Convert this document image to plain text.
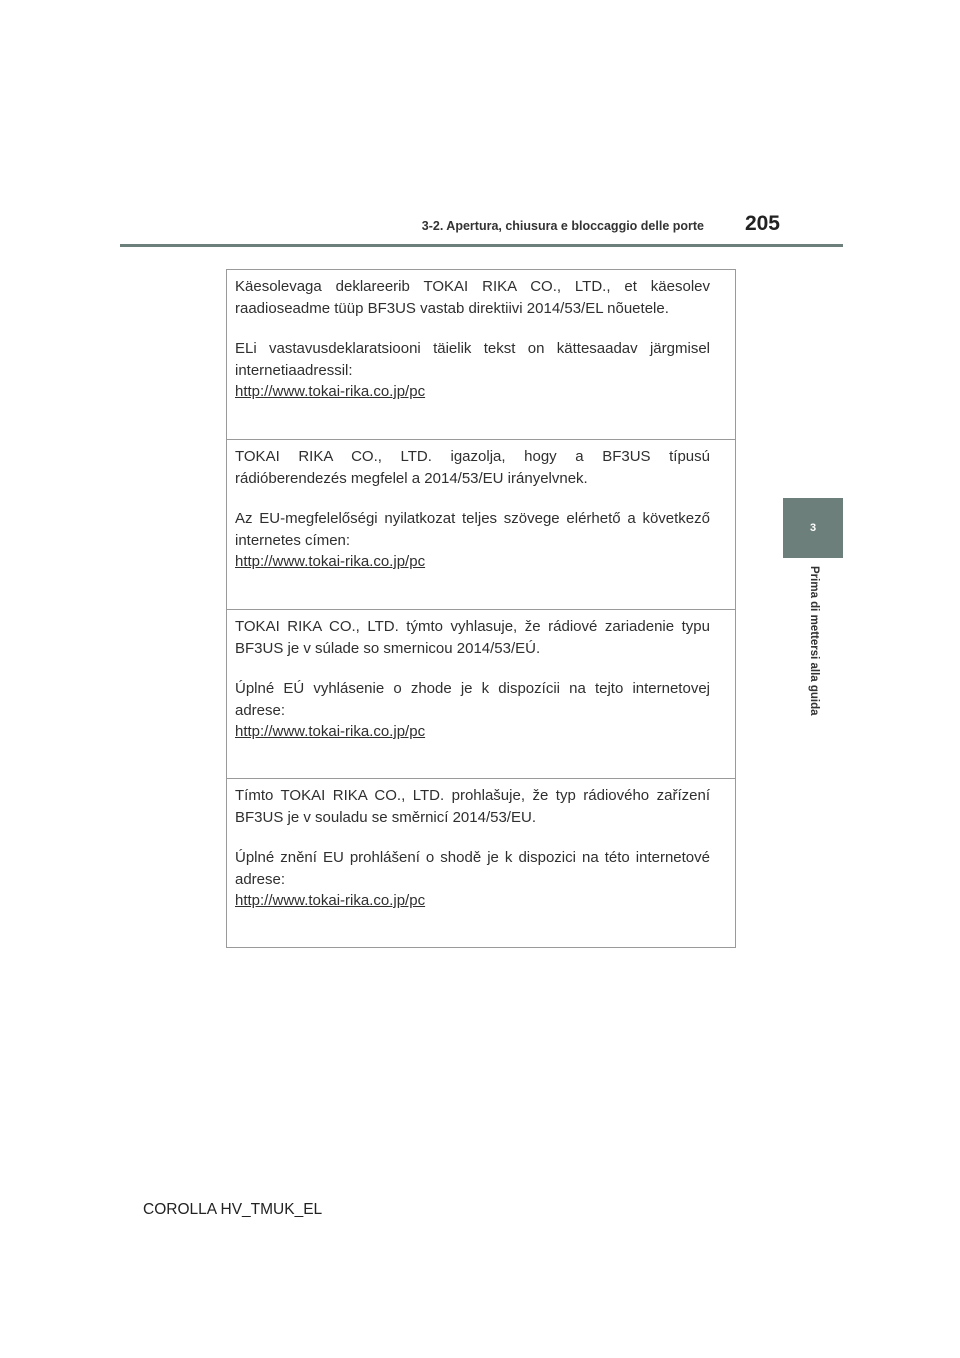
3-2. Apertura, chiusura e bloccaggio delle porte	205
3
Prima di mettersi alla guida

Käesolevaga deklareerib TOKAI RIKA CO., LTD., et käesolev raadioseadme tüüp BF3US vastab direktiivi 2014/53/EL nõuetele.

ELi vastavusdeklaratsiooni täielik tekst on kättesaadav järgmisel internetiaadressil:

http://www.tokai-rika.co.jp/pc

TOKAI RIKA CO., LTD. igazolja, hogy a BF3US típusú rádióberendezés megfelel a 2014/53/EU irányelvnek.

Az EU-megfelelőségi nyilatkozat teljes szövege elérhető a következő internetes címen:

http://www.tokai-rika.co.jp/pc

TOKAI RIKA CO., LTD. týmto vyhlasuje, že rádiové zariadenie typu BF3US je v súlade so smernicou 2014/53/EÚ.

Úplné EÚ vyhlásenie o zhode je k dispozícii na tejto internetovej adrese:

http://www.tokai-rika.co.jp/pc

Tímto TOKAI RIKA CO., LTD. prohlašuje, že typ rádiového zařízení BF3US je v souladu se směrnicí 2014/53/EU.

Úplné znění EU prohlášení o shodě je k dispozici na této internetové adrese:

http://www.tokai-rika.co.jp/pc
COROLLA HV_TMUK_EL
